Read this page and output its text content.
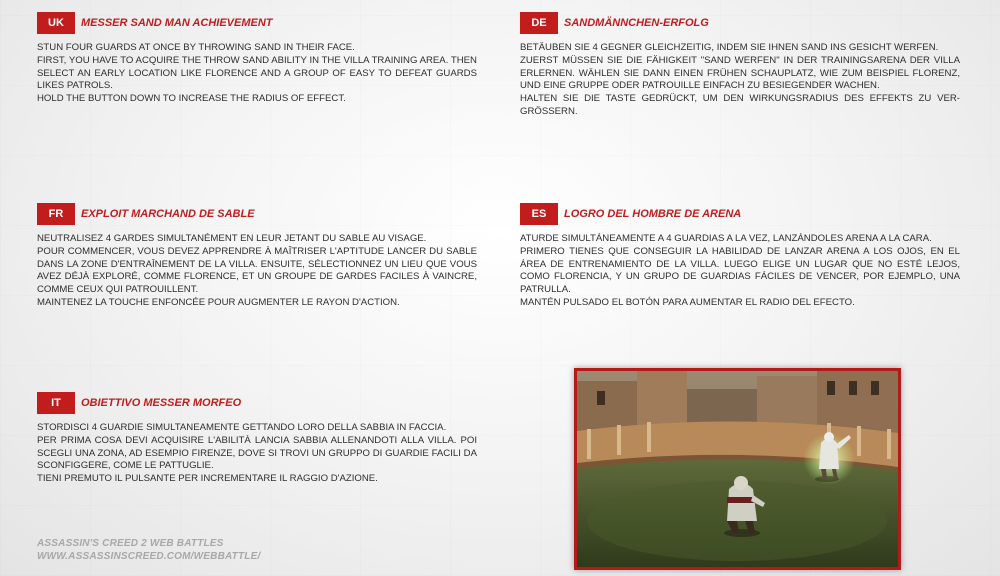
UK	MESSER SAND MAN ACHIEVEMENT

STUN FOUR GUARDS AT ONCE BY THROWING SAND IN THEIR FACE.

FIRST, YOU HAVE TO ACQUIRE THE THROW SAND ABILITY IN THE VILLA TRAINING AREA. THEN SELECT AN EARLY LOCATION LIKE FLORENCE AND A GROUP OF EASY TO DEFEAT GUARDS LIKES PATROLS.

HOLD THE BUTTON DOWN TO INCREASE THE RADIUS OF EFFECT.

DE	SANDMÄNNCHEN-ERFOLG

BETÄUBEN SIE 4 GEGNER GLEICHZEITIG, INDEM SIE IHNEN SAND INS GESICHT WERFEN.

ZUERST MÜSSEN SIE DIE FÄHIGKEIT "SAND WERFEN" IN DER TRAININGSARENA DER VILLA ERLERNEN. WÄHLEN SIE DANN EINEN FRÜHEN SCHAUPLATZ, WIE ZUM BEISPIEL FLORENZ, UND EINE GRUPPE ODER PATROUILLE EINFACH ZU BESIEGENDER WACHEN.

HALTEN SIE DIE TASTE GEDRÜCKT, UM DEN WIRKUNGSRADIUS DES EFFEKTS ZU VER-GRÖSSERN.

FR	EXPLOIT MARCHAND DE SABLE

NEUTRALISEZ 4 GARDES SIMULTANÉMENT EN LEUR JETANT DU SABLE AU VISAGE.

POUR COMMENCER, VOUS DEVEZ APPRENDRE À MAÎTRISER L'APTITUDE LANCER DU SABLE DANS LA ZONE D'ENTRAÎNEMENT DE LA VILLA. ENSUITE, SÉLECTIONNEZ UN LIEU QUE VOUS AVEZ DÉJÀ EXPLORÉ, COMME FLORENCE, ET UN GROUPE DE GARDES FACILES À VAINCRE, COMME CEUX QUI PATROUILLENT.

MAINTENEZ LA TOUCHE ENFONCÉE POUR AUGMENTER LE RAYON D'ACTION.

ES	LOGRO DEL HOMBRE DE ARENA

ATURDE SIMULTÁNEAMENTE A 4 GUARDIAS A LA VEZ, LANZÁNDOLES ARENA A LA CARA.

PRIMERO TIENES QUE CONSEGUIR LA HABILIDAD DE LANZAR ARENA A LOS OJOS, EN EL ÁREA DE ENTRENAMIENTO DE LA VILLA. LUEGO ELIGE UN LUGAR QUE NO ESTÉ LEJOS, COMO FLORENCIA, Y UN GRUPO DE GUARDIAS FÁCILES DE VENCER, POR EJEMPLO, UNA PATRULLA.

MANTÉN PULSADO EL BOTÓN PARA AUMENTAR EL RADIO DEL EFECTO.

IT	OBIETTIVO MESSER MORFEO

STORDISCI 4 GUARDIE SIMULTANEAMENTE GETTANDO LORO DELLA SABBIA IN FACCIA.

PER PRIMA COSA DEVI ACQUISIRE L'ABILITÀ LANCIA SABBIA ALLENANDOTI ALLA VILLA. POI SCEGLI UNA ZONA, AD ESEMPIO FIRENZE, DOVE SI TROVI UN GRUPPO DI GUARDIE FACILI DA SCONFIGGERE, COME LE PATTUGLIE.

TIENI PREMUTO IL PULSANTE PER INCREMENTARE IL RAGGIO D'AZIONE.

ASSASSIN'S CREED 2 WEB BATTLES
WWW.ASSASSINSCREED.COM/WEBBATTLE/
